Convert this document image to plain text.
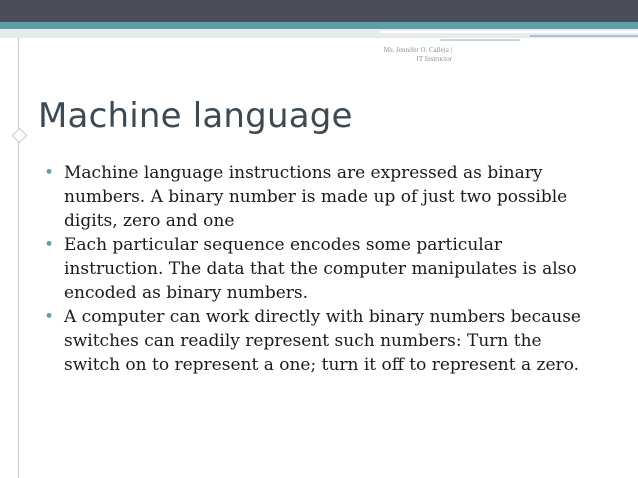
Ms. Jennifer O. Calleja |
IT Instructor
Machine language
• Machine language instructions are expressed as binary numbers. A binary number is made up of just two possible digits, zero and one
• Each particular sequence encodes some particular instruction. The data that the computer manipulates is also encoded as binary numbers.
• A computer can work directly with binary numbers because switches can readily represent such numbers: Turn the switch on to represent a one; turn it off to represent a zero.
